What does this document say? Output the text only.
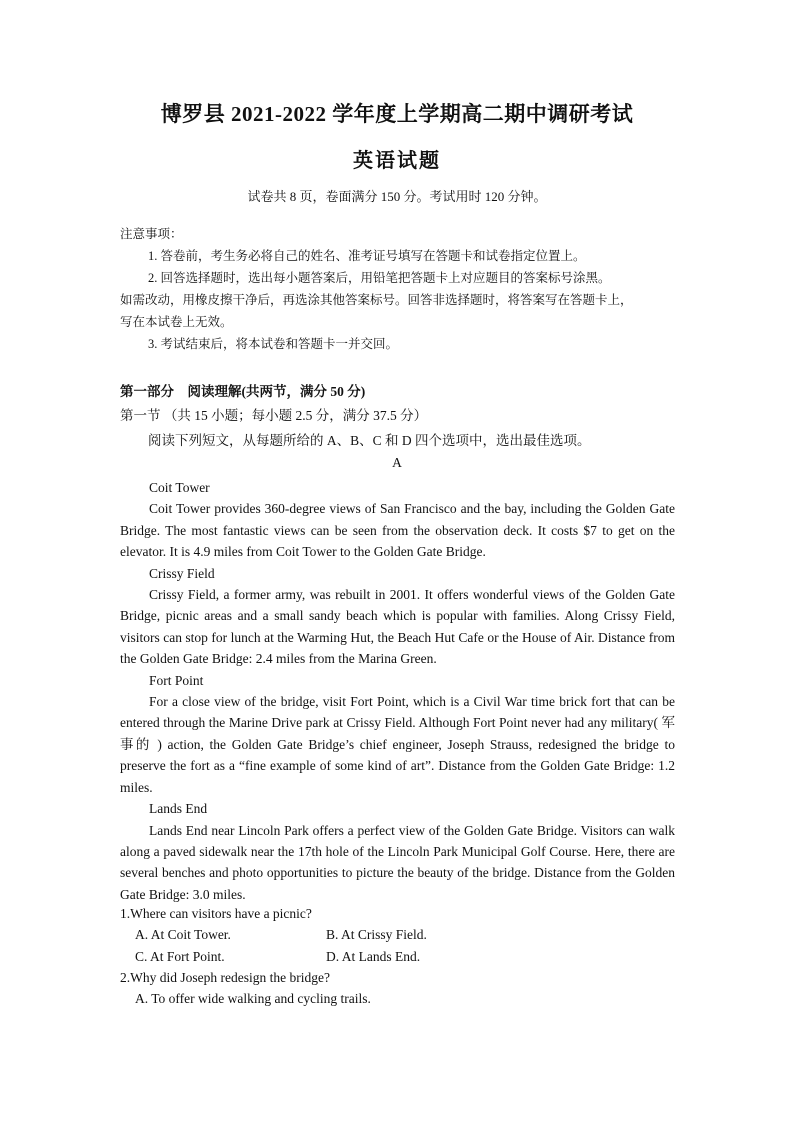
博罗县 2021-2022 学年度上学期高二期中调研考试
英语试题
试卷共 8 页，卷面满分 150 分。考试用时 120 分钟。
注意事项：
1. 答卷前，考生务必将自己的姓名、准考证号填写在答题卡和试卷指定位置上。
2. 回答选择题时，选出每小题答案后，用铅笔把答题卡上对应题目的答案标号涂黑。
如需改动，用橡皮擦干净后，再选涂其他答案标号。回答非选择题时，将答案写在答题卡上，
写在本试卷上无效。
3. 考试结束后，将本试卷和答题卡一并交回。
第一部分　阅读理解(共两节，满分 50 分)
第一节 （共 15 小题；每小题 2.5 分，满分 37.5 分）
阅读下列短文，从每题所给的 A、B、C 和 D 四个选项中，选出最佳选项。
A
Coit Tower
Coit Tower provides 360-degree views of San Francisco and the bay, including the Golden Gate Bridge. The most fantastic views can be seen from the observation deck. It costs $7 to get on the elevator. It is 4.9 miles from Coit Tower to the Golden Gate Bridge.
Crissy Field
Crissy Field, a former army, was rebuilt in 2001. It offers wonderful views of the Golden Gate Bridge, picnic areas and a small sandy beach which is popular with families. Along Crissy Field, visitors can stop for lunch at the Warming Hut, the Beach Hut Cafe or the House of Air. Distance from the Golden Gate Bridge: 2.4 miles from the Marina Green.
Fort Point
For a close view of the bridge, visit Fort Point, which is a Civil War time brick fort that can be entered through the Marine Drive park at Crissy Field. Although Fort Point never had any military( 军事的 ) action, the Golden Gate Bridge’s chief engineer, Joseph Strauss, redesigned the bridge to preserve the fort as a “fine example of some kind of art”. Distance from the Golden Gate Bridge: 1.2 miles.
Lands End
Lands End near Lincoln Park offers a perfect view of the Golden Gate Bridge. Visitors can walk along a paved sidewalk near the 17th hole of the Lincoln Park Municipal Golf Course. Here, there are several benches and photo opportunities to picture the beauty of the bridge. Distance from the Golden Gate Bridge: 3.0 miles.
1.Where can visitors have a picnic?
A. At Coit Tower.	B. At Crissy Field.
C. At Fort Point.	D. At Lands End.
2.Why did Joseph redesign the bridge?
A. To offer wide walking and cycling trails.
